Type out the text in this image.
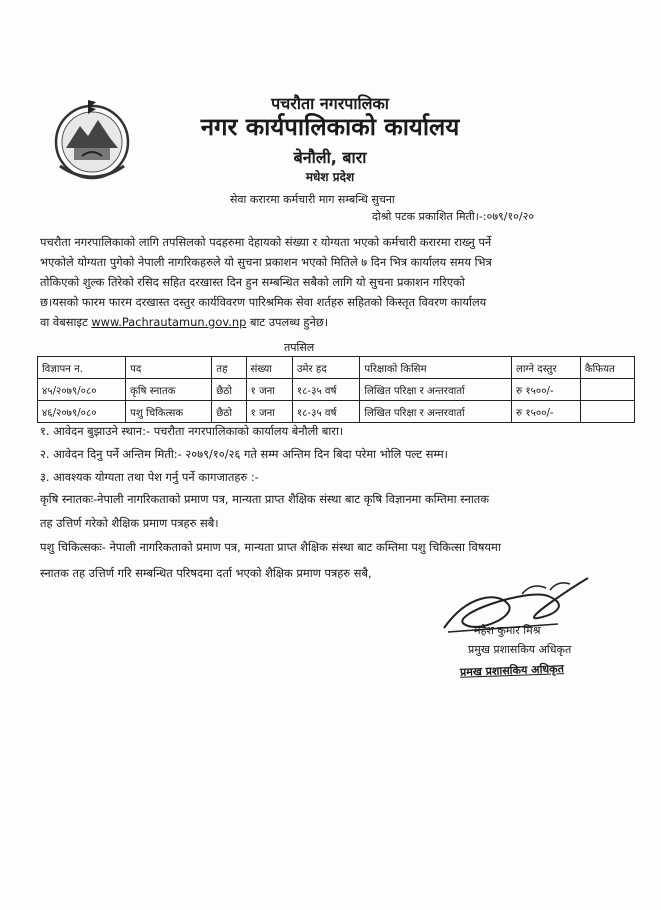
पचरौता नगरपालिका
नगर कार्यपालिकाको कार्यालय
बेनौली, बारा
मधेश प्रदेश
सेवा करारमा कर्मचारी माग सम्बन्धि सुचना
दोश्रो पटक प्रकाशित मिती।-:०७९/१०/२०
पचरौता नगरपालिकाको लागि तपसिलको पदहरुमा देहायको संख्या र योग्यता भएको कर्मचारी करारमा राख्नु पर्ने
भएकोले योग्यता पुगेको नेपाली नागरिकहरुले यो सुचना प्रकाशन भएको मितिले ७ दिन भित्र कार्यालय समय भित्र
तोकिएको शुल्क तिरेको रसिद सहित दरखास्त दिन हुन सम्बन्धित सबैको लागि यो सुचना प्रकाशन गरिएको
छ।यसको फारम फारम दरखास्त दस्तुर कार्यविवरण पारिश्रमिक सेवा शर्तहरु सहितको किस्तृत विवरण कार्यालय
वा वेबसाइट www.Pachrautamun.gov.np बाट उपलब्ध हुनेछ।
तपसिल
विज्ञापन न.	पद	तह	संख्या	उमेर हद	परिक्षाको किसिम	लाग्ने दस्तुर	कैफियत
४५/२०७९/०८०	कृषि स्नातक	छैठो	१ जना	१८-३५ वर्ष	लिखित परिक्षा र अन्तरवार्ता	रु १५००/-	
४६/२०७९/०८०	पशु चिकित्सक	छैठो	१ जना	१८-३५ वर्ष	लिखित परिक्षा र अन्तरवार्ता	रु १५००/-	
१. आवेदन बुझाउने स्थान:- पचरौता नगरपालिकाको कार्यालय बेनौली बारा।
२. आवेदन दिनु पर्ने अन्तिम मिती:- २०७९/१०/२६ गते सम्म अन्तिम दिन बिदा परेमा भोलि पल्ट सम्म।
३. आवश्यक योग्यता तथा पेश गर्नु पर्ने कागजातहरु :-
कृषि स्नातकः-नेपाली नागरिकताको प्रमाण पत्र, मान्यता प्राप्त शैक्षिक संस्था बाट कृषि विज्ञानमा कम्तिमा स्नातक
तह उत्तिर्ण गरेको शैक्षिक प्रमाण पत्रहरु सबै।
पशु चिकित्सकः- नेपाली नागरिकताको प्रमाण पत्र, मान्यता प्राप्त शैक्षिक संस्था बाट कम्तिमा पशु चिकित्सा विषयमा
स्नातक तह उत्तिर्ण गरि सम्बन्धित परिषदमा दर्ता भएको शैक्षिक प्रमाण पत्रहरु सबै,
महेश कुमार मिश्र
प्रमुख प्रशासकिय अधिकृत
प्रमख प्रशासकिय अधिकृत
